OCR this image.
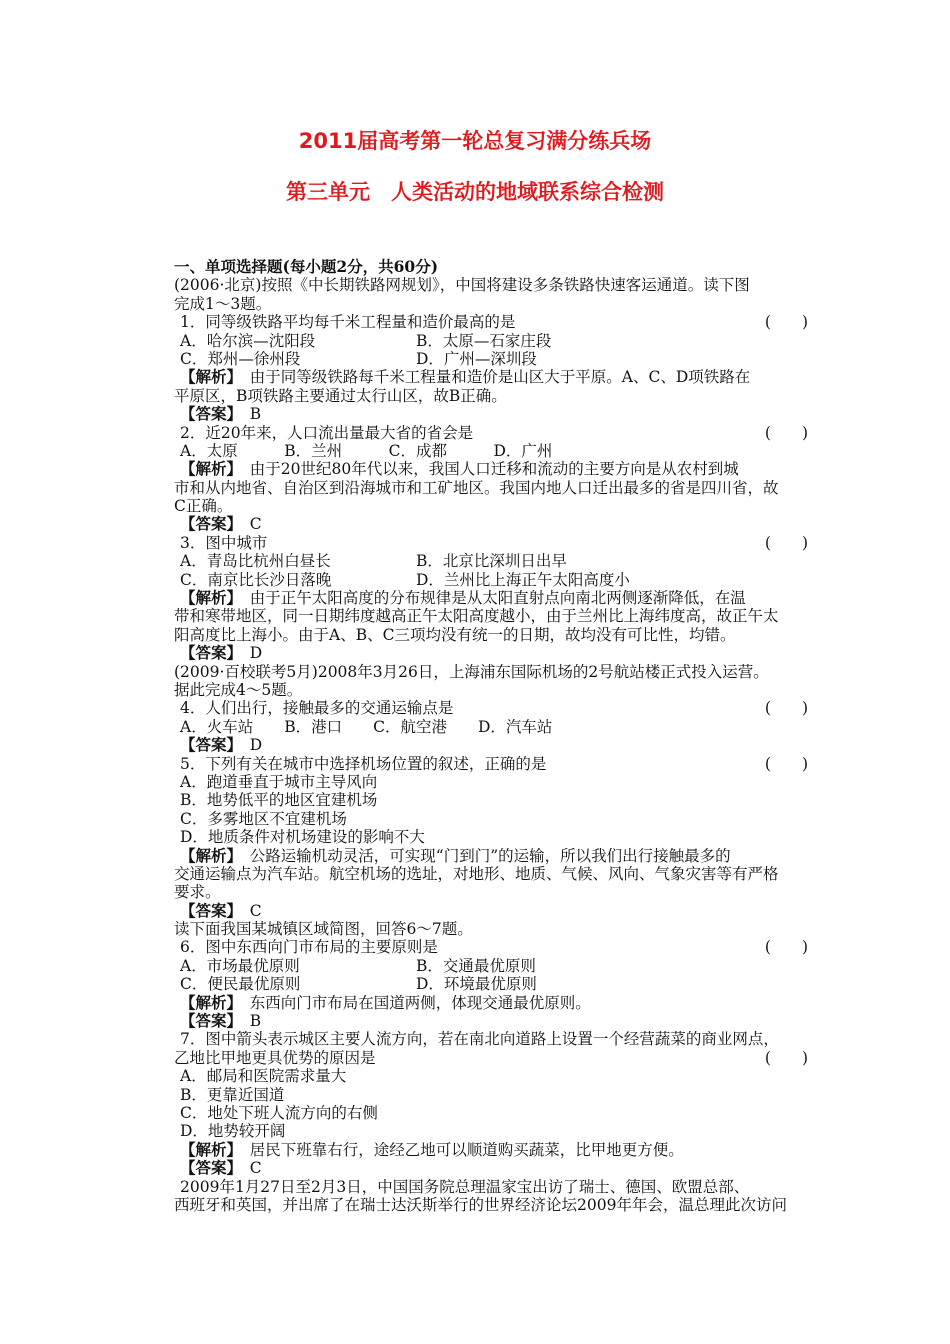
2011届高考第一轮总复习满分练兵场
第三单元　人类活动的地域联系综合检测
一、单项选择题(每小题2分，共60分)
(2006·北京)按照《中长期铁路网规划》，中国将建设多条铁路快速客运通道。读下图
完成1～3题。
1．同等级铁路平均每千米工程量和造价最高的是	(　　)
A．哈尔滨—沈阳段	B．太原—石家庄段
C．郑州—徐州段	D．广州—深圳段
【解析】　由于同等级铁路每千米工程量和造价是山区大于平原。A、C、D项铁路在
平原区，B项铁路主要通过太行山区，故B正确。
【答案】　B
2．近20年来，人口流出量最大省的省会是	(　　)
A．太原　　　B．兰州　　　C．成都　　　D．广州
【解析】　由于20世纪80年代以来，我国人口迁移和流动的主要方向是从农村到城
市和从内地省、自治区到沿海城市和工矿地区。我国内地人口迁出最多的省是四川省，故
C正确。
【答案】　C
3．图中城市	(　　)
A．青岛比杭州白昼长	B．北京比深圳日出早
C．南京比长沙日落晚	D．兰州比上海正午太阳高度小
【解析】　由于正午太阳高度的分布规律是从太阳直射点向南北两侧逐渐降低，在温
带和寒带地区，同一日期纬度越高正午太阳高度越小，由于兰州比上海纬度高，故正午太
阳高度比上海小。由于A、B、C三项均没有统一的日期，故均没有可比性，均错。
【答案】　D
(2009·百校联考5月)2008年3月26日，上海浦东国际机场的2号航站楼正式投入运营。
据此完成4～5题。
4．人们出行，接触最多的交通运输点是	(　　)
A．火车站　　B．港口　　C．航空港　　D．汽车站
【答案】　D
5．下列有关在城市中选择机场位置的叙述，正确的是	(　　)
A．跑道垂直于城市主导风向
B．地势低平的地区宜建机场
C．多雾地区不宜建机场
D．地质条件对机场建设的影响不大
【解析】　公路运输机动灵活，可实现“门到门”的运输，所以我们出行接触最多的
交通运输点为汽车站。航空机场的选址，对地形、地质、气候、风向、气象灾害等有严格
要求。
【答案】　C
读下面我国某城镇区域简图，回答6～7题。
6．图中东西向门市布局的主要原则是	(　　)
A．市场最优原则	B．交通最优原则
C．便民最优原则	D．环境最优原则
【解析】　东西向门市布局在国道两侧，体现交通最优原则。
【答案】　B
7．图中箭头表示城区主要人流方向，若在南北向道路上设置一个经营蔬菜的商业网点，
乙地比甲地更具优势的原因是	(　　)
A．邮局和医院需求量大
B．更靠近国道
C．地处下班人流方向的右侧
D．地势较开阔
【解析】　居民下班靠右行，途经乙地可以顺道购买蔬菜，比甲地更方便。
【答案】　C
2009年1月27日至2月3日，中国国务院总理温家宝出访了瑞士、德国、欧盟总部、
西班牙和英国，并出席了在瑞士达沃斯举行的世界经济论坛2009年年会，温总理此次访问
